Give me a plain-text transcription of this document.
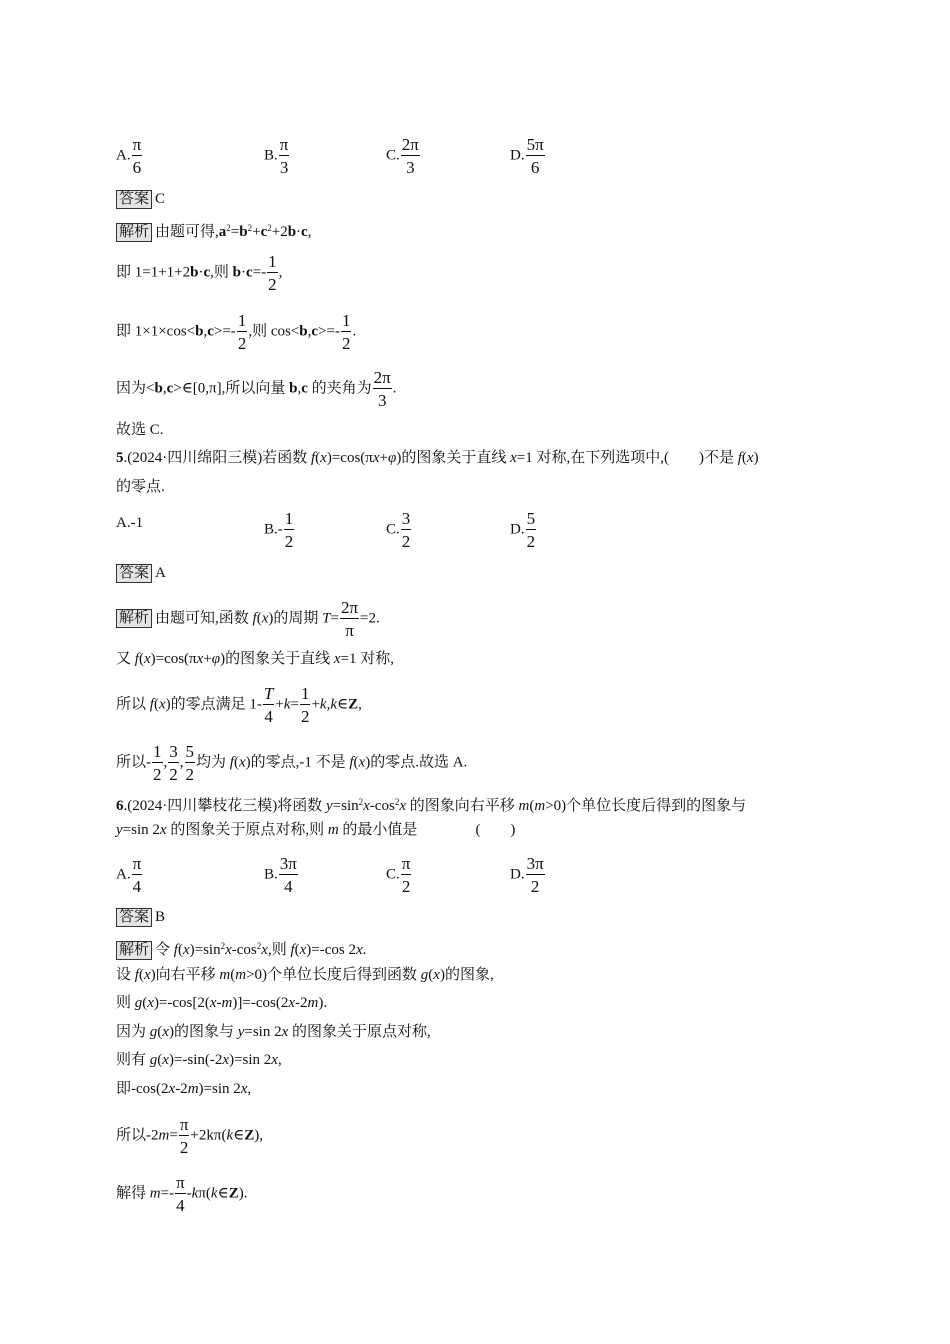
A. $\frac{\pi}{6}$	B. $\frac{\pi}{3}$	C. $\frac{2\pi}{3}$	D. $\frac{5\pi}{6}$
答案 C
解析 由题可得$,a^2=b^2+c^2+2b\cdot c$,
即 1=1+1+2b·c,则 $b\cdot c=- \frac{1}{2}$ ,
即 $1\times 1\times\cos<b,c>=- \frac{1}{2}$ ,则 $\cos<b,c>=- \frac{1}{2}$ .
因为<b,c>∈[0,π],所以向量 b,c 的夹角为 $\frac{2\pi}{3}$ .
故选 C.
5.(2024·四川绵阳三模)若函数 f(x)=cos(πx+φ)的图象关于直线 x=1 对称,在下列选项中,(　　)不是 f(x)
的零点.
A.-1	$B.- \frac{1}{2}$	C. $\frac{3}{2}$	D. $\frac{5}{2}$
答案 A
解析 由题可知,函数 f(x)的周期 $T= \frac{2\pi}{\pi} =2$.
又 f(x)=cos(πx+φ)的图象关于直线 x=1 对称,
所以 f(x)的零点满足 $1- \frac{T}{4} +k= \frac{1}{2}$ +k,k∈Z,
所以- $\frac{1}{2}$ , $\frac{3}{2}$ , $\frac{5}{2}$ 均为 f(x)的零点,-1 不是 f(x)的零点.故选 A.
6.(2024·四川攀枝花三模)将函数 $y=\sin^2x-\cos^2x$ 的图象向右平移 m(m>0)个单位长度后得到的图象与
y=sin 2x 的图象关于原点对称,则 m 的最小值是	(　　)
A. $\frac{\pi}{4}$	B. $\frac{3\pi}{4}$	C. $\frac{\pi}{2}$	D. $\frac{3\pi}{2}$
答案 B
解析 令 $f(x)=\sin^2x-\cos^2x$,则 f(x)=-cos 2x.
设 f(x)向右平移 m(m>0)个单位长度后得到函数 g(x)的图象,
则 g(x)=-cos[2(x-m)]=-cos(2x-2m).
因为 g(x)的图象与 y=sin 2x 的图象关于原点对称,
则有 g(x)=-sin(-2x)=sin 2x,
即-cos(2x-2m)=sin 2x,
所以$-2m= \frac{\pi}{2}$ +2kπ(k∈Z),
解得 $m=- \frac{\pi}{4}$ -kπ(k∈Z).
